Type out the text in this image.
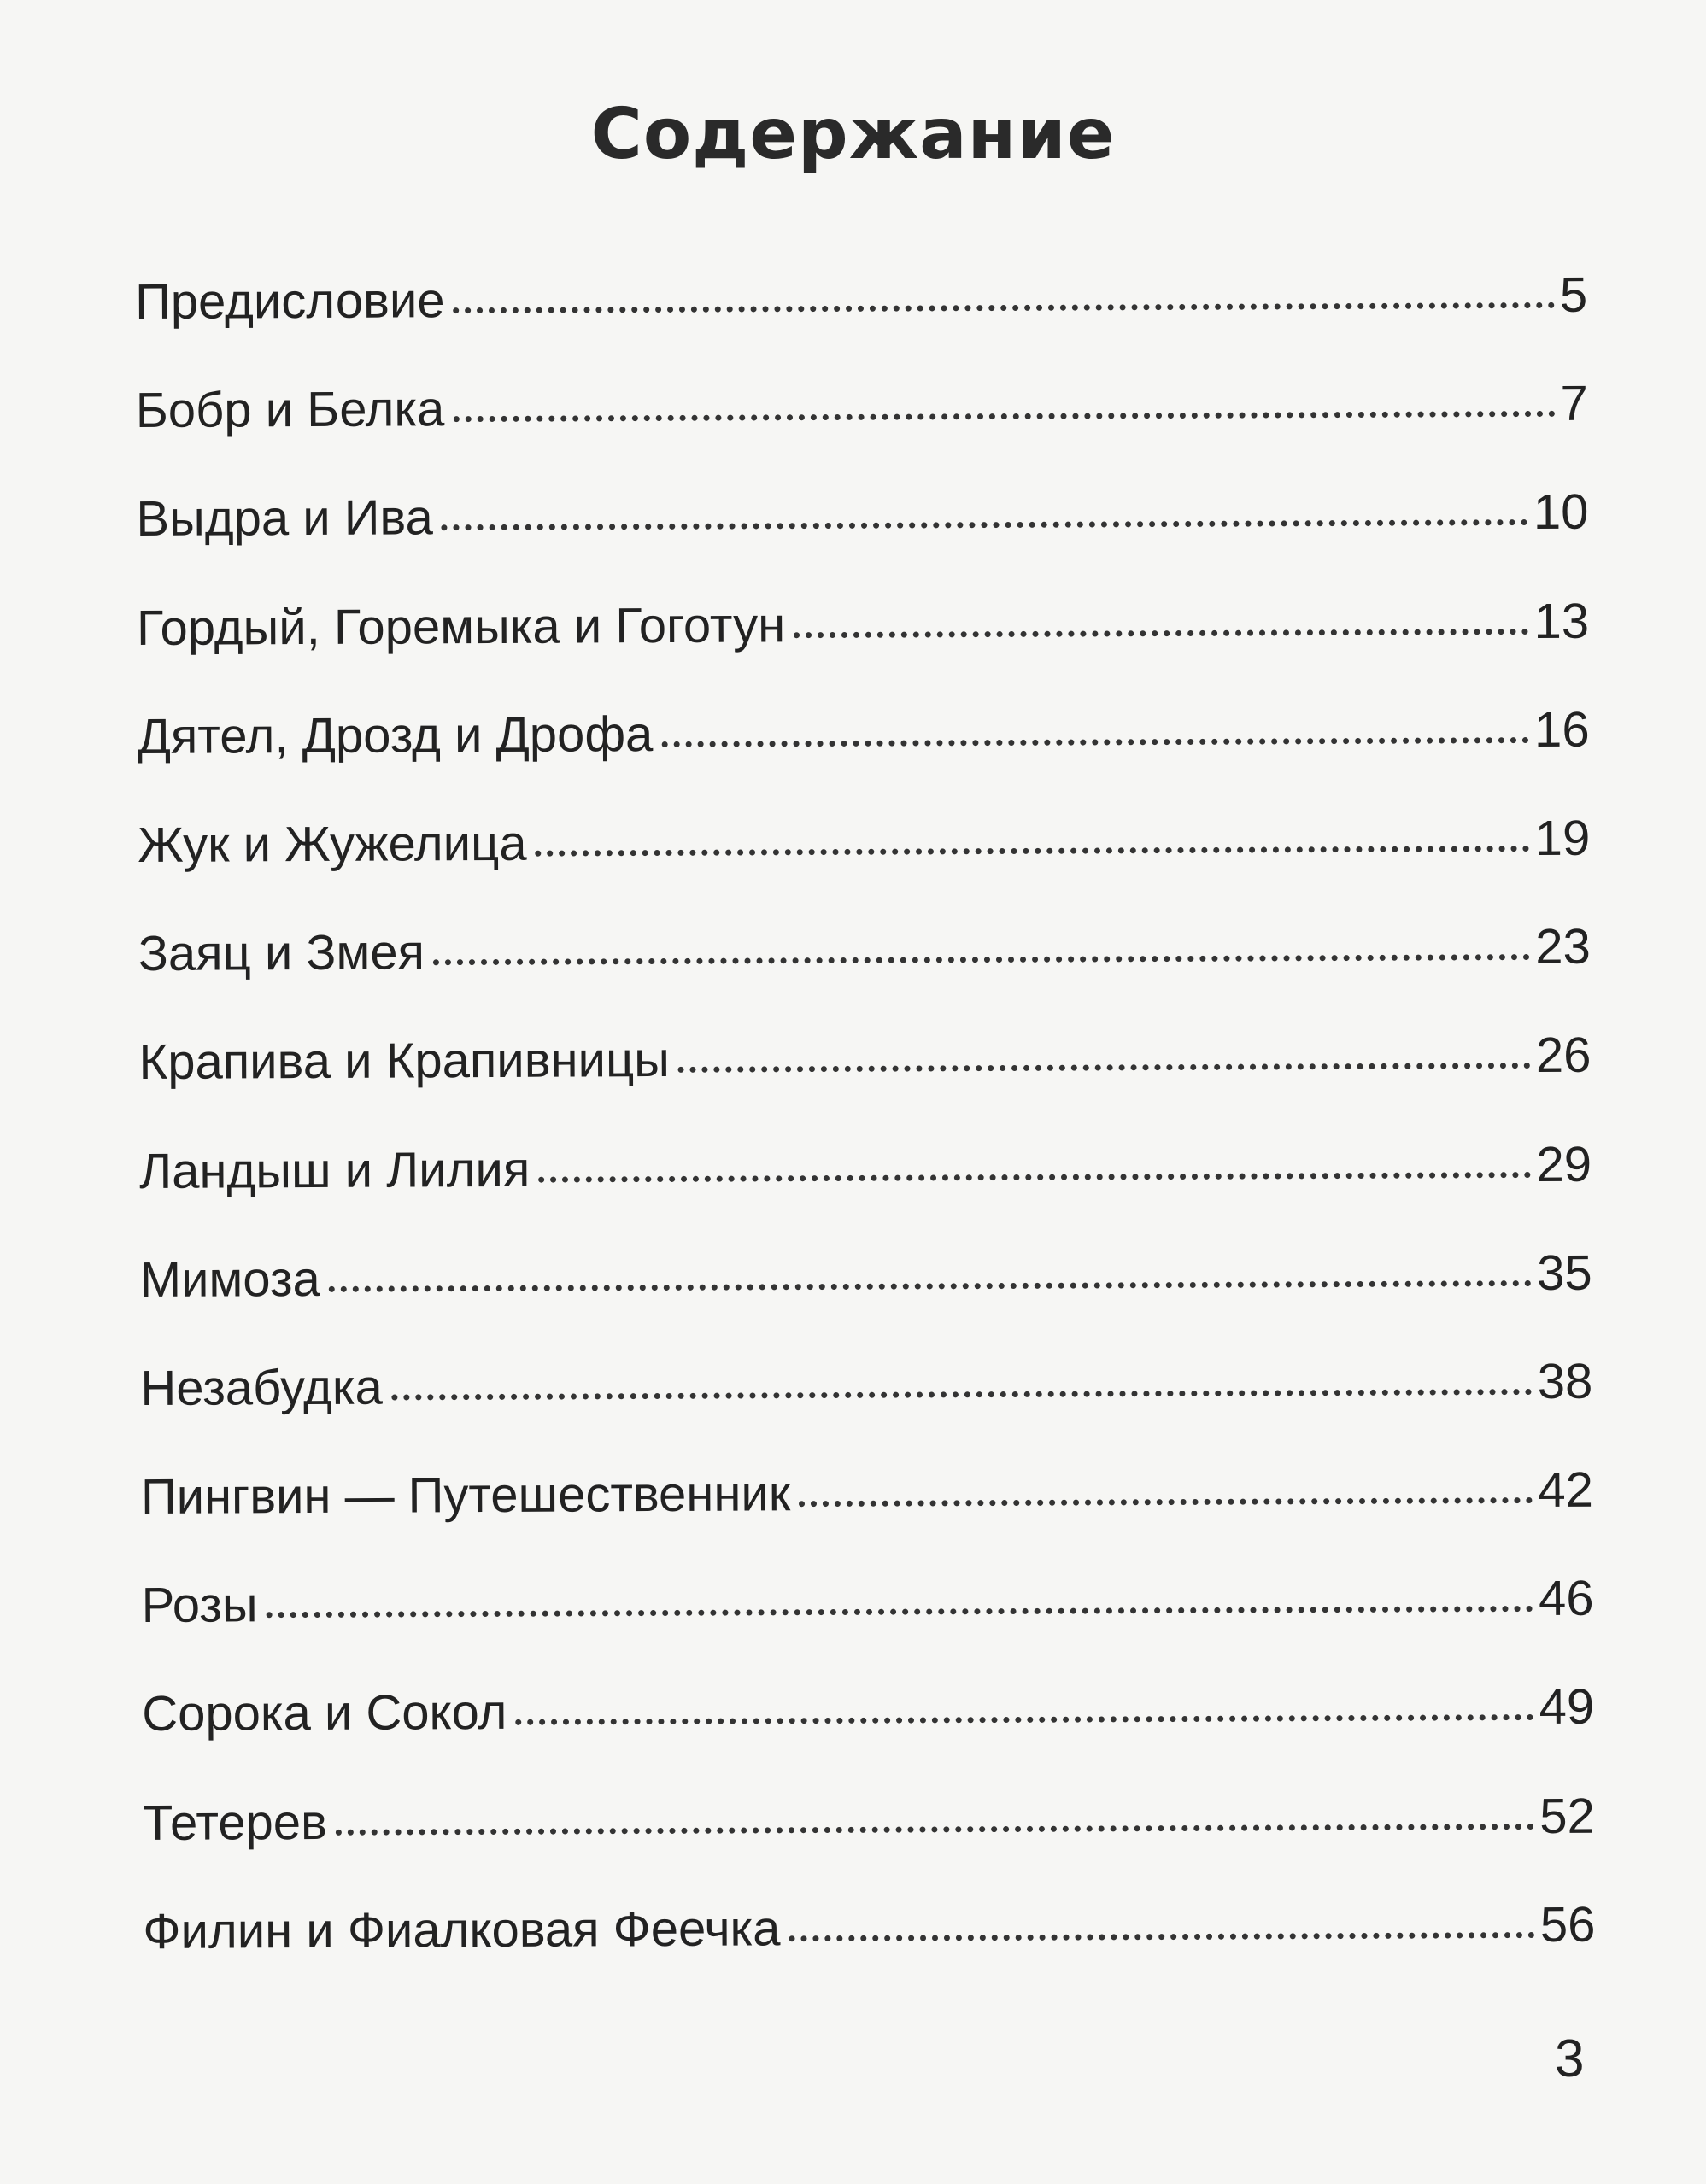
Содержание
Предисловие	5
Бобр и Белка	7
Выдра и Ива	10
Гордый, Горемыка и Гоготун	13
Дятел, Дрозд и Дрофа	16
Жук и Жужелица	19
Заяц и Змея	23
Крапива и Крапивницы	26
Ландыш и Лилия	29
Мимоза	35
Незабудка	38
Пингвин — Путешественник	42
Розы	46
Сорока и Сокол	49
Тетерев	52
Филин и Фиалковая Феечка	56
3
